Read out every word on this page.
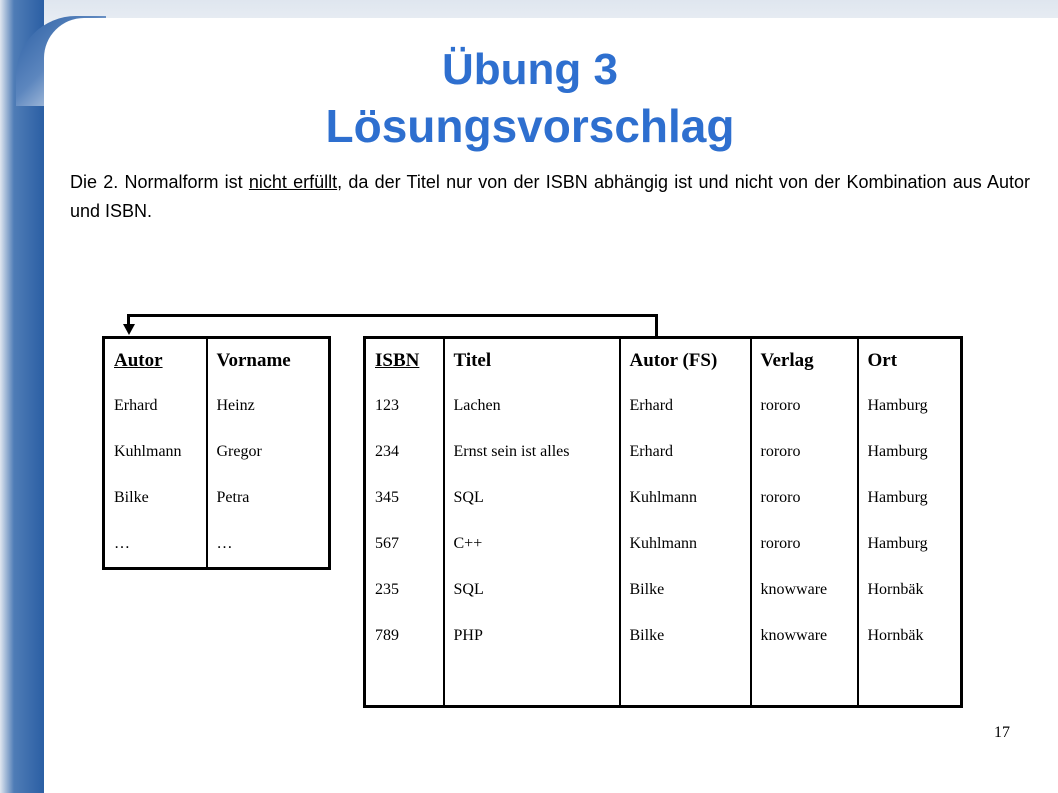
Übung 3
Lösungsvorschlag
Die 2. Normalform ist nicht erfüllt, da der Titel nur von der ISBN abhängig ist und nicht von der Kombination aus Autor und ISBN.
Autor	Vorname
Erhard	Heinz
Kuhlmann	Gregor
Bilke	Petra
…	…
ISBN	Titel	Autor (FS)	Verlag	Ort
123	Lachen	Erhard	rororo	Hamburg
234	Ernst sein ist alles	Erhard	rororo	Hamburg
345	SQL	Kuhlmann	rororo	Hamburg
567	C++	Kuhlmann	rororo	Hamburg
235	SQL	Bilke	knowware	Hornbäk
789	PHP	Bilke	knowware	Hornbäk

17
